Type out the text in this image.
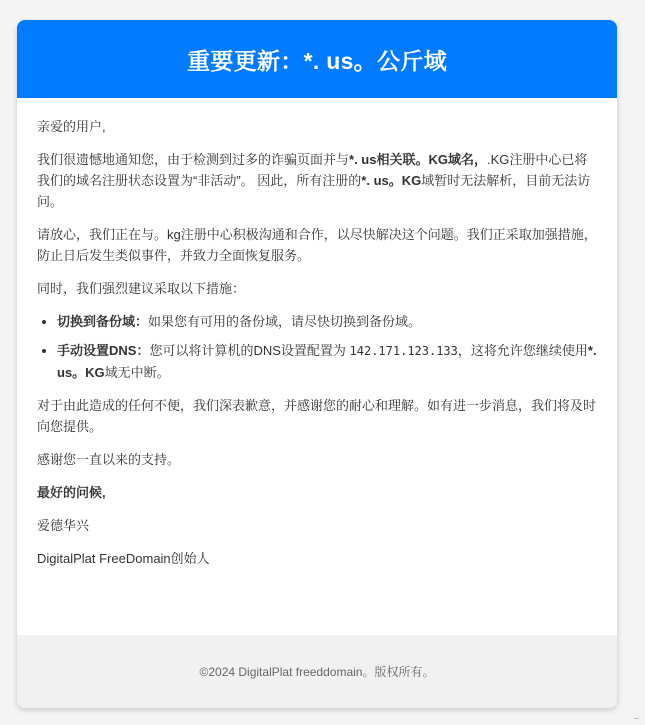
重要更新：*. us。公斤域

亲爱的用户,

我们很遗憾地通知您，由于检测到过多的诈骗页面并与*. us相关联。KG域名，.KG注册中心已将我们的域名注册状态设置为“非活动”。 因此，所有注册的*. us。KG域暂时无法解析，目前无法访问。

请放心，我们正在与。kg注册中心积极沟通和合作，以尽快解决这个问题。我们正采取加强措施，防止日后发生类似事件，并致力全面恢复服务。

同时，我们强烈建议采取以下措施：

• 切换到备份域：如果您有可用的备份域，请尽快切换到备份域。
• 手动设置DNS：您可以将计算机的DNS设置配置为 142.171.123.133，这将允许您继续使用*. us。KG域无中断。

对于由此造成的任何不便，我们深表歉意，并感谢您的耐心和理解。如有进一步消息，我们将及时向您提供。

感谢您一直以来的支持。

最好的问候,

爱德华兴

DigitalPlat FreeDomain创始人

©2024 DigitalPlat freeddomain。版权所有。
